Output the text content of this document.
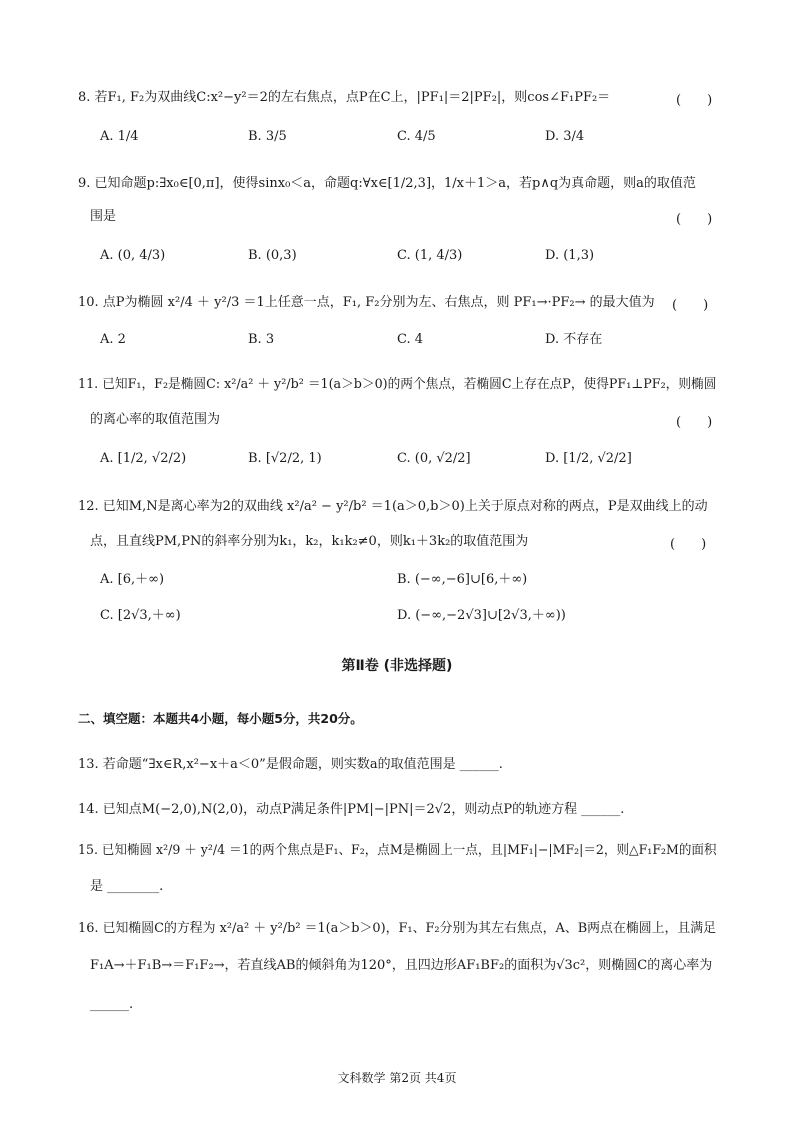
8. 若F₁, F₂为双曲线C:x²−y²＝2的左右焦点，点P在C上，|PF₁|＝2|PF₂|，则cos∠F₁PF₂＝	(　　)
A. 1/4	B. 3/5	C. 4/5	D. 3/4
9. 已知命题p:∃x₀∈[0,π]，使得sinx₀＜a，命题q:∀x∈[1/2,3]，1/x＋1＞a，若p∧q为真命题，则a的取值范
围是	(　　)
A. (0, 4/3)	B. (0,3)	C. (1, 4/3)	D. (1,3)
10. 点P为椭圆 x²/4 ＋ y²/3 ＝1上任意一点，F₁, F₂分别为左、右焦点，则 PF₁→·PF₂→ 的最大值为 (　　)
A. 2	B. 3	C. 4	D. 不存在
11. 已知F₁，F₂是椭圆C: x²/a² ＋ y²/b² ＝1(a＞b＞0)的两个焦点，若椭圆C上存在点P，使得PF₁⊥PF₂，则椭圆
的离心率的取值范围为	(　　)
A. [1/2, √2/2)	B. [√2/2, 1)	C. (0, √2/2]	D. [1/2, √2/2]
12. 已知M,N是离心率为2的双曲线 x²/a² − y²/b² ＝1(a＞0,b＞0)上关于原点对称的两点，P是双曲线上的动
点，且直线PM,PN的斜率分别为k₁，k₂，k₁k₂≠0，则k₁＋3k₂的取值范围为	(　　)
A. [6,＋∞)	B. (−∞,−6]∪[6,＋∞)
C. [2√3,＋∞)	D. (−∞,−2√3]∪[2√3,＋∞))
第Ⅱ卷 (非选择题)
二、填空题：本题共4小题，每小题5分，共20分。
13. 若命题“∃x∈R,x²−x＋a＜0”是假命题，则实数a的取值范围是 ______.
14. 已知点M(−2,0),N(2,0)，动点P满足条件|PM|−|PN|＝2√2，则动点P的轨迹方程 ______.
15. 已知椭圆 x²/9 ＋ y²/4 ＝1的两个焦点是F₁、F₂，点M是椭圆上一点，且|MF₁|−|MF₂|＝2，则△F₁F₂M的面积
是 ________.
16. 已知椭圆C的方程为 x²/a² ＋ y²/b² ＝1(a＞b＞0)，F₁、F₂分别为其左右焦点，A、B两点在椭圆上，且满足
F₁A→＋F₁B→＝F₁F₂→，若直线AB的倾斜角为120°，且四边形AF₁BF₂的面积为√3c²，则椭圆C的离心率为
______.
文科数学 第2页 共4页
